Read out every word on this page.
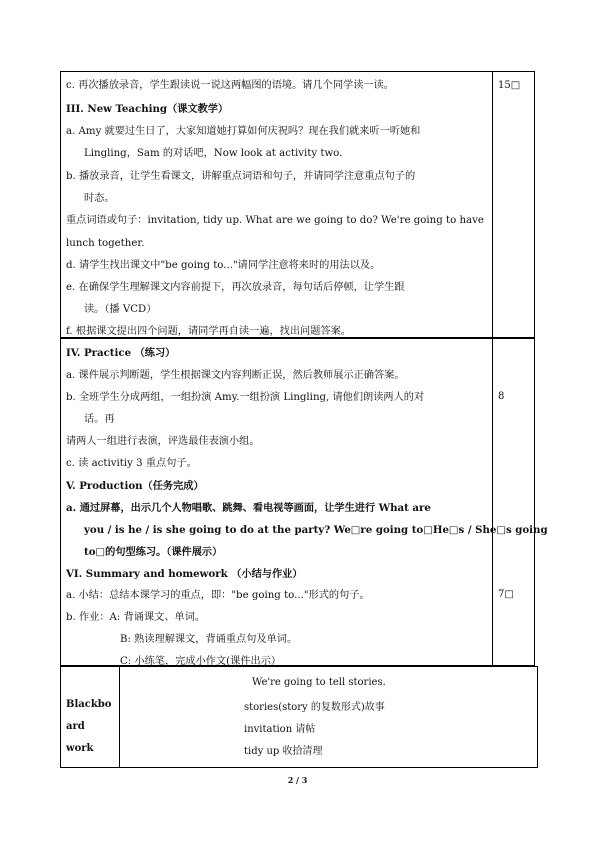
c. 再次播放录音，学生跟读说一说这两幅图的语境。请几个同学读一读。
III. New Teaching（课文教学）
a. Amy 就要过生日了，大家知道她打算如何庆祝吗？现在我们就来听一听她和
Lingling，Sam 的对话吧，Now look at activity two.
b. 播放录音，让学生看课文，讲解重点词语和句子，并请同学注意重点句子的
时态。
重点词语或句子：invitation, tidy up. What are we going to do? We're going to have
lunch together.
d. 请学生找出课文中"be going to..."请同学注意将来时的用法以及。
e. 在确保学生理解课文内容前提下，再次放录音，每句话后停顿，让学生跟
读。（播 VCD）
f. 根据课文提出四个问题，请同学再自读一遍，找出问题答案。
15□
IV. Practice （练习）
a. 课件展示判断题，学生根据课文内容判断正误，然后教师展示正确答案。
b. 全班学生分成两组，一组扮演 Amy.一组扮演 Lingling, 请他们朗读两人的对
话。再
请两人一组进行表演，评选最佳表演小组。
c. 读 activitiy 3 重点句子。
V. Production（任务完成）
a. 通过屏幕，出示几个人物唱歌、跳舞、看电视等画面，让学生进行 What are
you / is he / is she going to do at the party? We□re going to□He□s / She□s going
to□的句型练习。（课件展示）
VI. Summary and homework （小结与作业）
a. 小结：总结本课学习的重点，即："be going to..."形式的句子。
b. 作业：A: 背诵课文、单词。
B: 熟读理解课文，背诵重点句及单词。
C: 小练笔，完成小作文(课件出示）
8
7□
Blackbo
ard
work
We're going to tell stories.
stories(story 的复数形式)故事
invitation 请帖
tidy up 收拾清理
2 / 3
